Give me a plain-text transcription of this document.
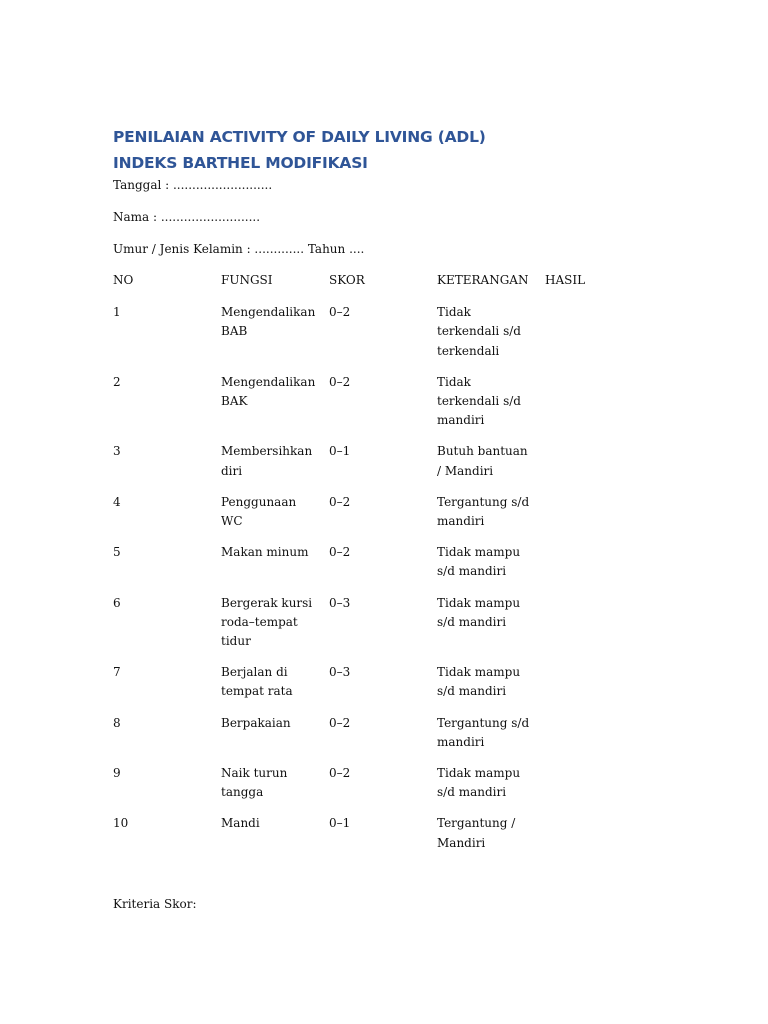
PENILAIAN ACTIVITY OF DAILY LIVING (ADL)
INDEKS BARTHEL MODIFIKASI
Tanggal : ..........................
Nama : ..........................
Umur / Jenis Kelamin : ............. Tahun ....
NO	FUNGSI	SKOR	KETERANGAN	HASIL
1	Mengendalikan BAB	0–2	Tidak terkendali s/d terkendali	

2	Mengendalikan BAK	0–2	Tidak terkendali s/d mandiri	

3	Membersihkan diri	0–1	Butuh bantuan / Mandiri	

4	Penggunaan WC	0–2	Tergantung s/d mandiri	

5	Makan minum	0–2	Tidak mampu s/d mandiri	

6	Bergerak kursi roda–tempat tidur	0–3	Tidak mampu s/d mandiri	

7	Berjalan di tempat rata	0–3	Tidak mampu s/d mandiri	

8	Berpakaian	0–2	Tergantung s/d mandiri	

9	Naik turun tangga	0–2	Tidak mampu s/d mandiri	

10	Mandi	0–1	Tergantung / Mandiri	

Kriteria Skor:
